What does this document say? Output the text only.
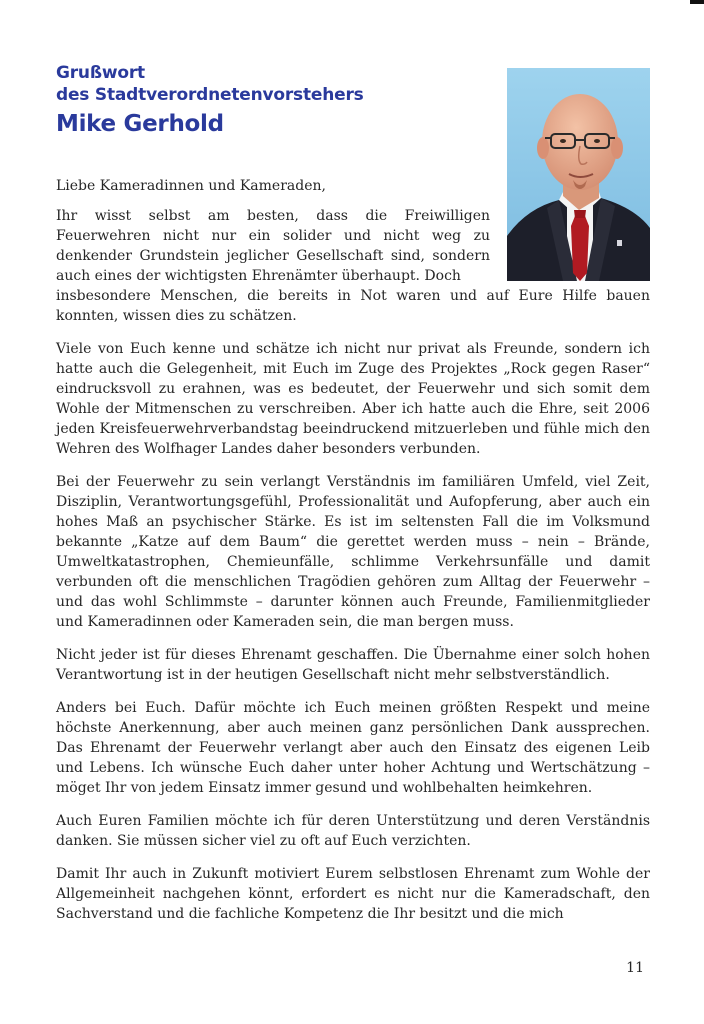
Grußwort
des Stadtverordnetenvorstehers
Mike Gerhold

Liebe Kameradinnen und Kameraden,

Ihr wisst selbst am besten, dass die Freiwilligen Feuerwehren nicht nur ein solider und nicht weg zu denkender Grundstein jeglicher Gesellschaft sind, sondern auch eines der wichtigsten Ehrenämter überhaupt. Doch

insbesondere Menschen, die bereits in Not waren und auf Eure Hilfe bauen konnten, wissen dies zu schätzen.

Viele von Euch kenne und schätze ich nicht nur privat als Freunde, sondern ich hatte auch die Gelegenheit, mit Euch im Zuge des Projektes „Rock gegen Raser“ eindrucksvoll zu erahnen, was es bedeutet, der Feuerwehr und sich somit dem Wohle der Mitmenschen zu verschreiben. Aber ich hatte auch die Ehre, seit 2006 jeden Kreisfeuerwehrverbandstag beeindruckend mitzuerleben und fühle mich den Wehren des Wolfhager Landes daher besonders verbunden.

Bei der Feuerwehr zu sein verlangt Verständnis im familiären Umfeld, viel Zeit, Disziplin, Verantwortungsgefühl, Professionalität und Aufopferung, aber auch ein hohes Maß an psychischer Stärke. Es ist im seltensten Fall die im Volksmund bekannte „Katze auf dem Baum“ die gerettet werden muss – nein – Brände, Umweltkatastrophen, Chemieunfälle, schlimme Verkehrsunfälle und damit verbunden oft die menschlichen Tragödien gehören zum Alltag der Feuerwehr – und das wohl Schlimmste – darunter können auch Freunde, Familienmitglieder und Kameradinnen oder Kameraden sein, die man bergen muss.

Nicht jeder ist für dieses Ehrenamt geschaffen. Die Übernahme einer solch hohen Verantwortung ist in der heutigen Gesellschaft nicht mehr selbstverständlich.

Anders bei Euch. Dafür möchte ich Euch meinen größten Respekt und meine höchste Anerkennung, aber auch meinen ganz persönlichen Dank aussprechen. Das Ehrenamt der Feuerwehr verlangt aber auch den Einsatz des eigenen Leib und Lebens. Ich wünsche Euch daher unter hoher Achtung und Wertschätzung – möget Ihr von jedem Einsatz immer gesund und wohlbehalten heimkehren.

Auch Euren Familien möchte ich für deren Unterstützung und deren Verständnis danken. Sie müssen sicher viel zu oft auf Euch verzichten.

Damit Ihr auch in Zukunft motiviert Eurem selbstlosen Ehrenamt zum Wohle der Allgemeinheit nachgehen könnt, erfordert es nicht nur die Kameradschaft, den Sachverstand und die fachliche Kompetenz die Ihr besitzt und die mich

11
